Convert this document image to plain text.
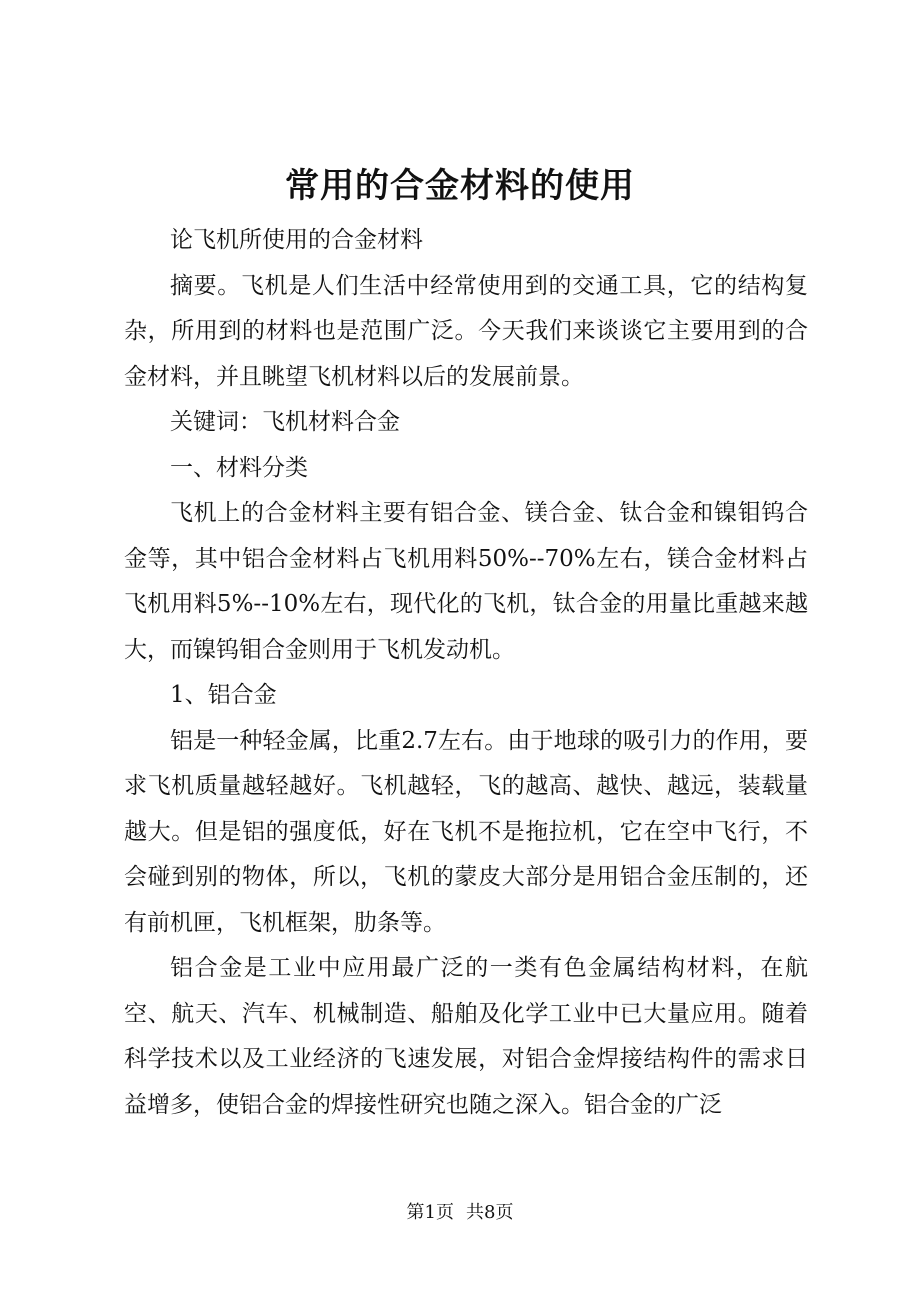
常用的合金材料的使用

论飞机所使用的合金材料

摘要。飞机是人们生活中经常使用到的交通工具，它的结构复杂，所用到的材料也是范围广泛。今天我们来谈谈它主要用到的合金材料，并且眺望飞机材料以后的发展前景。

关键词：飞机材料合金

一、材料分类

飞机上的合金材料主要有铝合金、镁合金、钛合金和镍钼钨合金等，其中铝合金材料占飞机用料50%--70%左右，镁合金材料占飞机用料5%--10%左右，现代化的飞机，钛合金的用量比重越来越大，而镍钨钼合金则用于飞机发动机。

1、铝合金

铝是一种轻金属，比重2.7左右。由于地球的吸引力的作用，要求飞机质量越轻越好。飞机越轻，飞的越高、越快、越远，装载量越大。但是铝的强度低，好在飞机不是拖拉机，它在空中飞行，不会碰到别的物体，所以，飞机的蒙皮大部分是用铝合金压制的，还有前机匣，飞机框架，肋条等。

铝合金是工业中应用最广泛的一类有色金属结构材料，在航空、航天、汽车、机械制造、船舶及化学工业中已大量应用。随着科学技术以及工业经济的飞速发展，对铝合金焊接结构件的需求日益增多，使铝合金的焊接性研究也随之深入。铝合金的广泛

第1页 共8页
